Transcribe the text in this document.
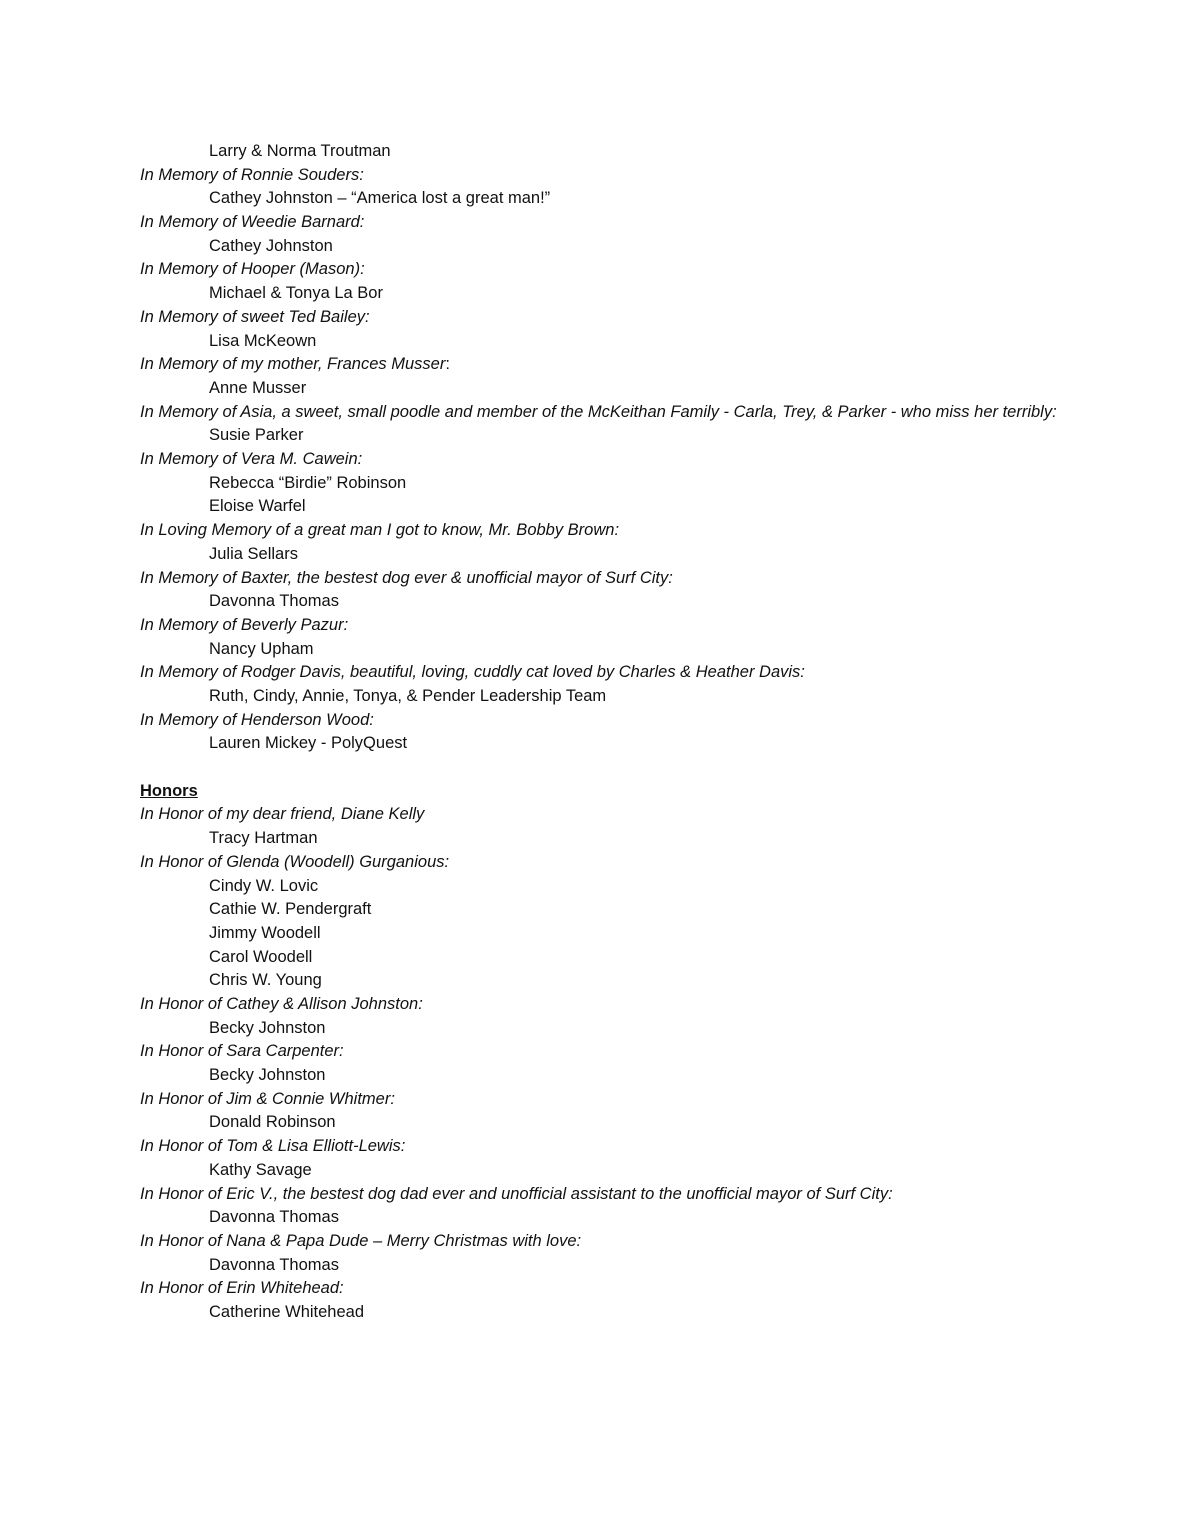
Larry & Norma Troutman
In Memory of Ronnie Souders:
Cathey Johnston – “America lost a great man!”
In Memory of Weedie Barnard:
Cathey Johnston
In Memory of Hooper (Mason):
Michael & Tonya La Bor
In Memory of sweet Ted Bailey:
Lisa McKeown
In Memory of my mother, Frances Musser:
Anne Musser
In Memory of Asia, a sweet, small poodle and member of the McKeithan Family - Carla, Trey, & Parker - who miss her terribly:
Susie Parker
In Memory of Vera M. Cawein:
Rebecca “Birdie” Robinson
Eloise Warfel
In Loving Memory of a great man I got to know, Mr. Bobby Brown:
Julia Sellars
In Memory of Baxter, the bestest dog ever & unofficial mayor of Surf City:
Davonna Thomas
In Memory of Beverly Pazur:
Nancy Upham
In Memory of Rodger Davis, beautiful, loving, cuddly cat loved by Charles & Heather Davis:
Ruth, Cindy, Annie, Tonya, & Pender Leadership Team
In Memory of Henderson Wood:
Lauren Mickey - PolyQuest
Honors
In Honor of my dear friend, Diane Kelly
Tracy Hartman
In Honor of Glenda (Woodell) Gurganious:
Cindy W. Lovic
Cathie W. Pendergraft
Jimmy Woodell
Carol Woodell
Chris W. Young
In Honor of Cathey & Allison Johnston:
Becky Johnston
In Honor of Sara Carpenter:
Becky Johnston
In Honor of Jim & Connie Whitmer:
Donald Robinson
In Honor of Tom & Lisa Elliott-Lewis:
Kathy Savage
In Honor of Eric V., the bestest dog dad ever and unofficial assistant to the unofficial mayor of Surf City:
Davonna Thomas
In Honor of Nana & Papa Dude – Merry Christmas with love:
Davonna Thomas
In Honor of Erin Whitehead:
Catherine Whitehead
